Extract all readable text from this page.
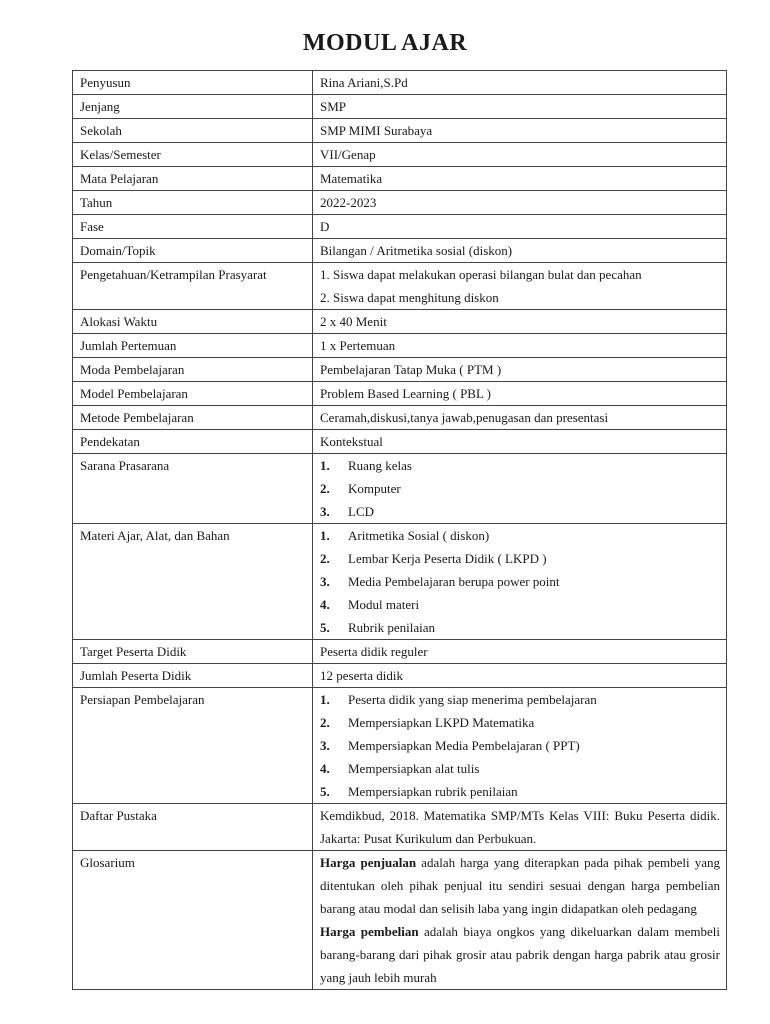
MODUL AJAR
Penyusun	Rina Ariani,S.Pd
Jenjang	SMP
Sekolah	SMP MIMI Surabaya
Kelas/Semester	VII/Genap
Mata Pelajaran	Matematika
Tahun	2022-2023
Fase	D
Domain/Topik	Bilangan / Aritmetika sosial (diskon)
Pengetahuan/Ketrampilan Prasyarat	1. Siswa dapat melakukan operasi bilangan bulat dan pecahan
2. Siswa dapat menghitung diskon

Alokasi Waktu	2 x 40 Menit
Jumlah Pertemuan	1 x Pertemuan
Moda Pembelajaran	Pembelajaran Tatap Muka ( PTM )
Model Pembelajaran	Problem Based Learning ( PBL )
Metode Pembelajaran	Ceramah,diskusi,tanya jawab,penugasan dan presentasi
Pendekatan	Kontekstual
Sarana Prasarana	1. Ruang kelas
2. Komputer
3. LCD

Materi Ajar, Alat, dan Bahan	1. Aritmetika Sosial ( diskon)
2. Lembar Kerja Peserta Didik ( LKPD )
3. Media Pembelajaran berupa power point
4. Modul materi
5. Rubrik penilaian

Target Peserta Didik	Peserta didik reguler
Jumlah Peserta Didik	12 peserta didik
Persiapan Pembelajaran	1. Peserta didik yang siap menerima pembelajaran
2. Mempersiapkan LKPD Matematika
3. Mempersiapkan Media Pembelajaran ( PPT)
4. Mempersiapkan alat tulis
5. Mempersiapkan rubrik penilaian

Daftar Pustaka	Kemdikbud, 2018. Matematika SMP/MTs Kelas VIII: Buku Peserta didik. Jakarta: Pusat Kurikulum dan Perbukuan.
Glosarium	Harga penjualan adalah harga yang diterapkan pada pihak pembeli yang ditentukan oleh pihak penjual itu sendiri sesuai dengan harga pembelian barang atau modal dan selisih laba yang ingin didapatkan oleh pedagang
Harga pembelian adalah biaya ongkos yang dikeluarkan dalam membeli barang-barang dari pihak grosir atau pabrik dengan harga pabrik atau grosir yang jauh lebih murah
